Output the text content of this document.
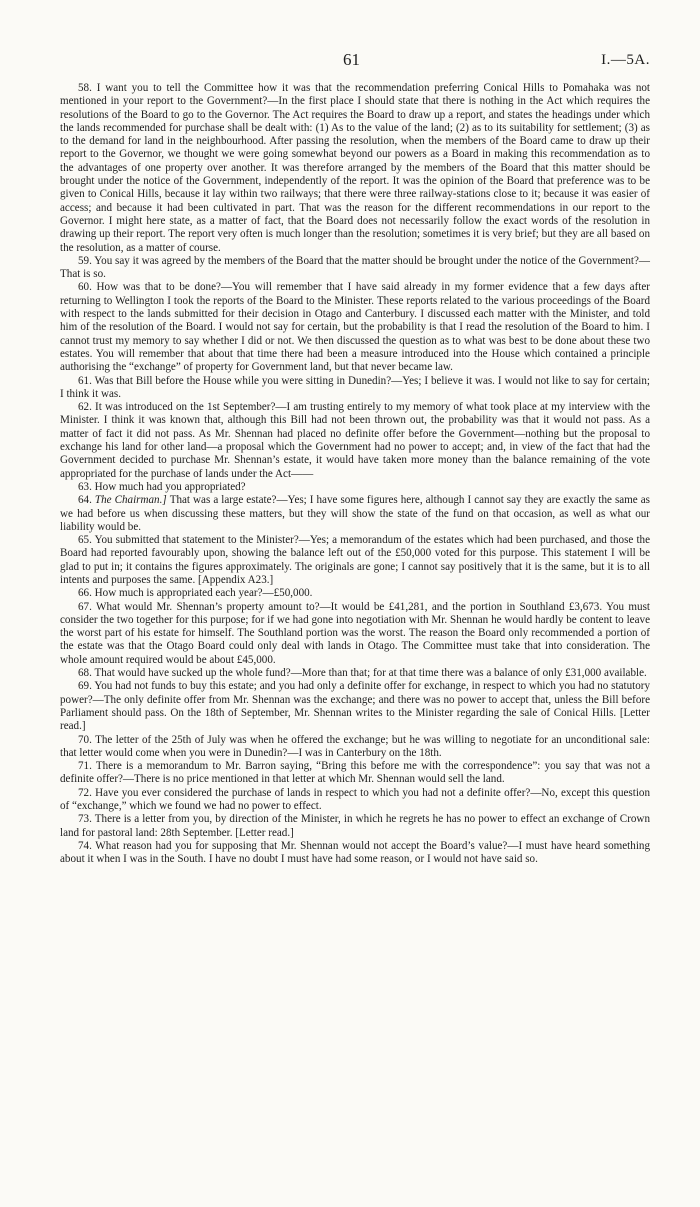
61	I.—5A.

58. I want you to tell the Committee how it was that the recommendation preferring Conical Hills to Pomahaka was not mentioned in your report to the Government?—In the first place I should state that there is nothing in the Act which requires the resolutions of the Board to go to the Governor. The Act requires the Board to draw up a report, and states the headings under which the lands recommended for purchase shall be dealt with: (1) As to the value of the land; (2) as to its suitability for settlement; (3) as to the demand for land in the neighbourhood. After passing the resolution, when the members of the Board came to draw up their report to the Governor, we thought we were going somewhat beyond our powers as a Board in making this recommendation as to the advantages of one property over another. It was therefore arranged by the members of the Board that this matter should be brought under the notice of the Government, independently of the report. It was the opinion of the Board that preference was to be given to Conical Hills, because it lay within two railways; that there were three railway-stations close to it; because it was easier of access; and because it had been cultivated in part. That was the reason for the different recommendations in our report to the Governor. I might here state, as a matter of fact, that the Board does not necessarily follow the exact words of the resolution in drawing up their report. The report very often is much longer than the resolution; sometimes it is very brief; but they are all based on the resolution, as a matter of course.

59. You say it was agreed by the members of the Board that the matter should be brought under the notice of the Government?—That is so.

60. How was that to be done?—You will remember that I have said already in my former evidence that a few days after returning to Wellington I took the reports of the Board to the Minister. These reports related to the various proceedings of the Board with respect to the lands submitted for their decision in Otago and Canterbury. I discussed each matter with the Minister, and told him of the resolution of the Board. I would not say for certain, but the probability is that I read the resolution of the Board to him. I cannot trust my memory to say whether I did or not. We then discussed the question as to what was best to be done about these two estates. You will remember that about that time there had been a measure introduced into the House which contained a principle authorising the “exchange” of property for Government land, but that never became law.

61. Was that Bill before the House while you were sitting in Dunedin?—Yes; I believe it was. I would not like to say for certain; I think it was.

62. It was introduced on the 1st September?—I am trusting entirely to my memory of what took place at my interview with the Minister. I think it was known that, although this Bill had not been thrown out, the probability was that it would not pass. As a matter of fact it did not pass. As Mr. Shennan had placed no definite offer before the Government—nothing but the proposal to exchange his land for other land—a proposal which the Government had no power to accept; and, in view of the fact that had the Government decided to purchase Mr. Shennan’s estate, it would have taken more money than the balance remaining of the vote appropriated for the purchase of lands under the Act——

63. How much had you appropriated?

64. The Chairman.] That was a large estate?—Yes; I have some figures here, although I cannot say they are exactly the same as we had before us when discussing these matters, but they will show the state of the fund on that occasion, as well as what our liability would be.

65. You submitted that statement to the Minister?—Yes; a memorandum of the estates which had been purchased, and those the Board had reported favourably upon, showing the balance left out of the £50,000 voted for this purpose. This statement I will be glad to put in; it contains the figures approximately. The originals are gone; I cannot say positively that it is the same, but it is to all intents and purposes the same. [Appendix A23.]

66. How much is appropriated each year?—£50,000.

67. What would Mr. Shennan’s property amount to?—It would be £41,281, and the portion in Southland £3,673. You must consider the two together for this purpose; for if we had gone into negotiation with Mr. Shennan he would hardly be content to leave the worst part of his estate for himself. The Southland portion was the worst. The reason the Board only recommended a portion of the estate was that the Otago Board could only deal with lands in Otago. The Committee must take that into consideration. The whole amount required would be about £45,000.

68. That would have sucked up the whole fund?—More than that; for at that time there was a balance of only £31,000 available.

69. You had not funds to buy this estate; and you had only a definite offer for exchange, in respect to which you had no statutory power?—The only definite offer from Mr. Shennan was the exchange; and there was no power to accept that, unless the Bill before Parliament should pass. On the 18th of September, Mr. Shennan writes to the Minister regarding the sale of Conical Hills. [Letter read.]

70. The letter of the 25th of July was when he offered the exchange; but he was willing to negotiate for an unconditional sale: that letter would come when you were in Dunedin?—I was in Canterbury on the 18th.

71. There is a memorandum to Mr. Barron saying, “Bring this before me with the correspondence”: you say that was not a definite offer?—There is no price mentioned in that letter at which Mr. Shennan would sell the land.

72. Have you ever considered the purchase of lands in respect to which you had not a definite offer?—No, except this question of “exchange,” which we found we had no power to effect.

73. There is a letter from you, by direction of the Minister, in which he regrets he has no power to effect an exchange of Crown land for pastoral land: 28th September. [Letter read.]

74. What reason had you for supposing that Mr. Shennan would not accept the Board’s value?—I must have heard something about it when I was in the South. I have no doubt I must have had some reason, or I would not have said so.
